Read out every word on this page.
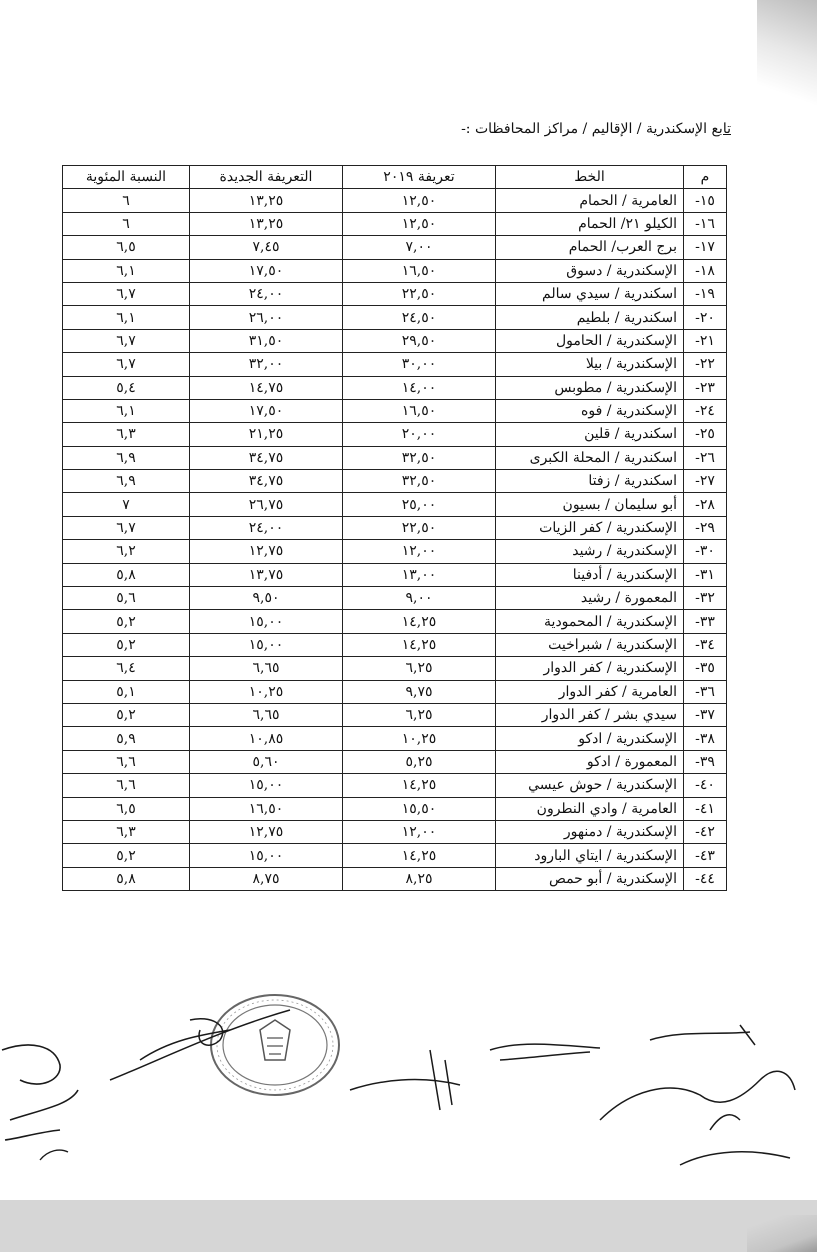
تابع الإسكندرية / الإقاليم / مراكز المحافظات :-
م	الخط	تعريفة ٢٠١٩	التعريفة الجديدة	النسبة المئوية
١٥-	العامرية / الحمام	١٢,٥٠	١٣,٢٥	٦
١٦-	الكيلو ٢١/ الحمام	١٢,٥٠	١٣,٢٥	٦
١٧-	برج العرب/ الحمام	٧,٠٠	٧,٤٥	٦,٥
١٨-	الإسكندرية / دسوق	١٦,٥٠	١٧,٥٠	٦,١
١٩-	اسكندرية / سيدي سالم	٢٢,٥٠	٢٤,٠٠	٦,٧
٢٠-	اسكندرية / بلطيم	٢٤,٥٠	٢٦,٠٠	٦,١
٢١-	الإسكندرية / الحامول	٢٩,٥٠	٣١,٥٠	٦,٧
٢٢-	الإسكندرية / بيلا	٣٠,٠٠	٣٢,٠٠	٦,٧
٢٣-	الإسكندرية / مطوبس	١٤,٠٠	١٤,٧٥	٥,٤
٢٤-	الإسكندرية / فوه	١٦,٥٠	١٧,٥٠	٦,١
٢٥-	اسكندرية / قلين	٢٠,٠٠	٢١,٢٥	٦,٣
٢٦-	اسكندرية / المحلة الكبرى	٣٢,٥٠	٣٤,٧٥	٦,٩
٢٧-	اسكندرية / زفتا	٣٢,٥٠	٣٤,٧٥	٦,٩
٢٨-	أبو سليمان / بسيون	٢٥,٠٠	٢٦,٧٥	٧
٢٩-	الإسكندرية / كفر الزيات	٢٢,٥٠	٢٤,٠٠	٦,٧
٣٠-	الإسكندرية / رشيد	١٢,٠٠	١٢,٧٥	٦,٢
٣١-	الإسكندرية / أدفينا	١٣,٠٠	١٣,٧٥	٥,٨
٣٢-	المعمورة / رشيد	٩,٠٠	٩,٥٠	٥,٦
٣٣-	الإسكندرية / المحمودية	١٤,٢٥	١٥,٠٠	٥,٢
٣٤-	الإسكندرية / شبراخيت	١٤,٢٥	١٥,٠٠	٥,٢
٣٥-	الإسكندرية / كفر الدوار	٦,٢٥	٦,٦٥	٦,٤
٣٦-	العامرية / كفر الدوار	٩,٧٥	١٠,٢٥	٥,١
٣٧-	سيدي بشر / كفر الدوار	٦,٢٥	٦,٦٥	٥,٢
٣٨-	الإسكندرية / ادكو	١٠,٢٥	١٠,٨٥	٥,٩
٣٩-	المعمورة / ادكو	٥,٢٥	٥,٦٠	٦,٦
٤٠-	الإسكندرية / حوش عيسي	١٤,٢٥	١٥,٠٠	٦,٦
٤١-	العامرية / وادي النطرون	١٥,٥٠	١٦,٥٠	٦,٥
٤٢-	الإسكندرية / دمنهور	١٢,٠٠	١٢,٧٥	٦,٣
٤٣-	الإسكندرية / ايتاي البارود	١٤,٢٥	١٥,٠٠	٥,٢
٤٤-	الإسكندرية / أبو حمص	٨,٢٥	٨,٧٥	٥,٨
